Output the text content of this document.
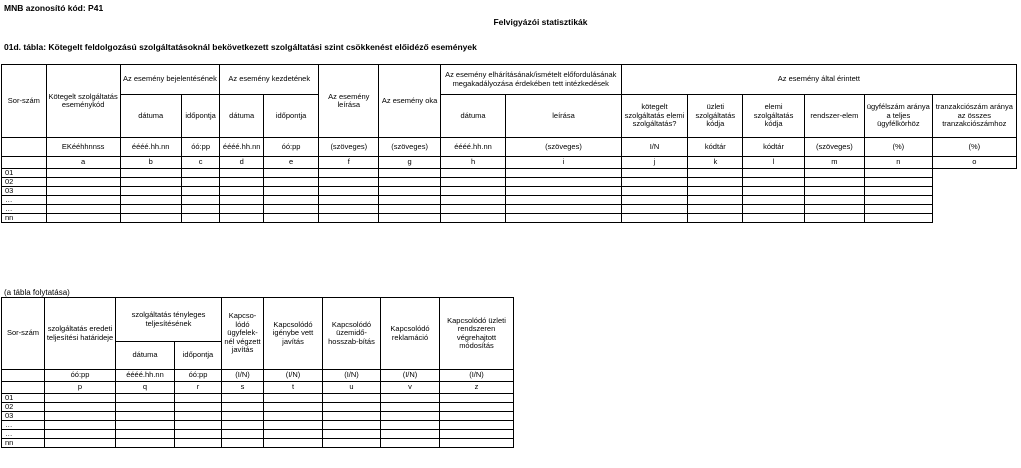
MNB azonosító kód: P41
Felvigyázói statisztikák
01d. tábla: Kötegelt feldolgozású szolgáltatásoknál bekövetkezett szolgáltatási szint csökkenést előidéző események
Sor-szám	Kötegelt szolgáltatás eseménykód	Az esemény bejelentésének		Az esemény kezdetének		Az esemény leírása	Az esemény oka	Az esemény elhárításának/ismételt előfordulásának megakadályozása érdekében tett intézkedések		Az esemény által érintett					
		dátuma	időpontja	dátuma	időpontja			dátuma	leírása	kötegelt szolgáltatás elemi szolgáltatás?	üzleti szolgáltatás kódja	elemi szolgáltatás kódja	rendszer-elem	ügyfélszám aránya a teljes ügyfélkörhöz	tranzakciószám aránya az összes tranzakciószámhoz
	EKééhhnnss	éééé.hh.nn	óó:pp	éééé.hh.nn	óó:pp	(szöveges)	(szöveges)	éééé.hh.nn	(szöveges)	I/N	kódtár	kódtár	(szöveges)	(%)	(%)
	a	b	c	d	e	f	g	h	i	j	k	l	m	n	o
01															
02															
03															
…															
…															
nn															
(a tábla folytatása)
Sor-szám	szolgáltatás eredeti teljesítési határideje	szolgáltatás tényleges teljesítésének		Kapcso-lódó ügyfelek-nél végzett javítás	Kapcsolódó igénybe vett javítás	Kapcsolódó üzemidő-hosszab-bítás	Kapcsolódó reklamáció	Kapcsolódó üzleti rendszeren végrehajtott módosítás
		dátuma	időpontja					
	óó:pp	éééé.hh.nn	óó:pp	(I/N)	(I/N)	(I/N)	(I/N)	(I/N)
	p	q	r	s	t	u	v	z
01								
02								
03								
…								
…								
nn								
